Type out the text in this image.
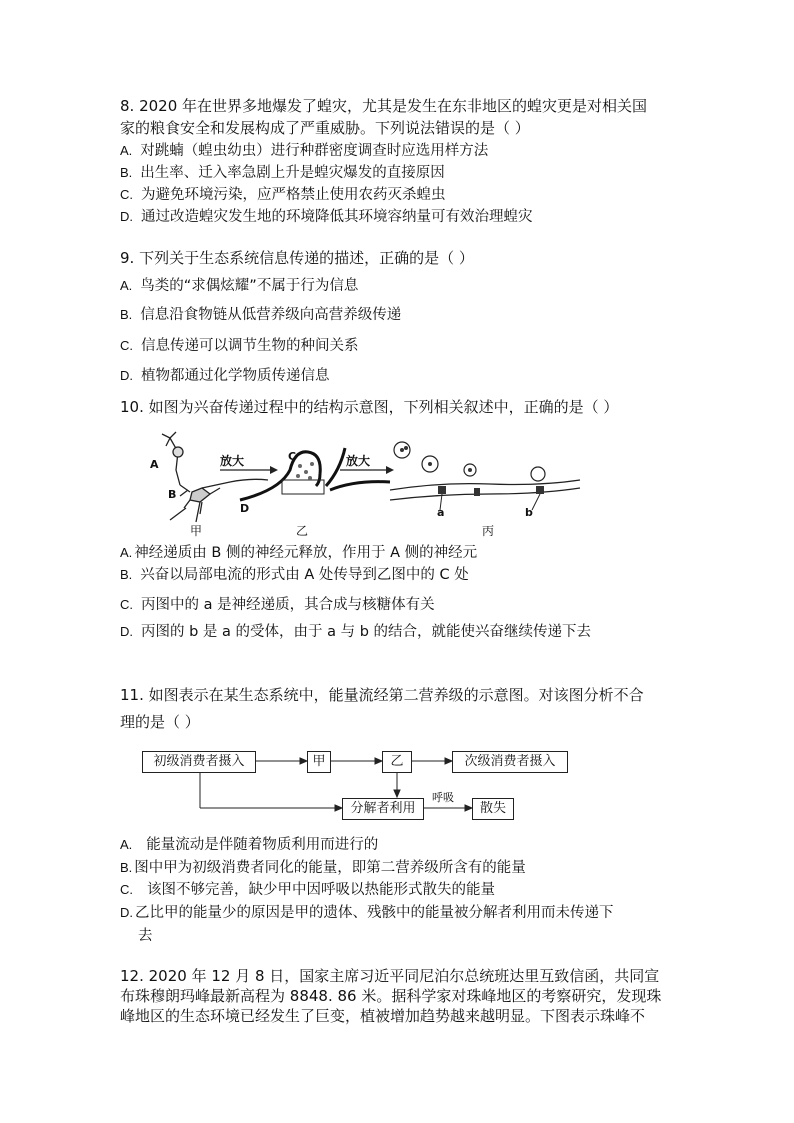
8. 2020 年在世界多地爆发了蝗灾，尤其是发生在东非地区的蝗灾更是对相关国
家的粮食安全和发展构成了严重威胁。下列说法错误的是（ ）
A. 对跳蝻（蝗虫幼虫）进行种群密度调查时应选用样方法
B. 出生率、迁入率急剧上升是蝗灾爆发的直接原因
C. 为避免环境污染，应严格禁止使用农药灭杀蝗虫
D. 通过改造蝗灾发生地的环境降低其环境容纳量可有效治理蝗灾
9. 下列关于生态系统信息传递的描述，正确的是（ ）
A. 鸟类的“求偶炫耀”不属于行为信息
B. 信息沿食物链从低营养级向高营养级传递
C. 信息传递可以调节生物的种间关系
D. 植物都通过化学物质传递信息
10. 如图为兴奋传递过程中的结构示意图，下列相关叙述中，正确的是（ ）
A
B
C
D	a	b
放大	放大
甲	乙	丙
A. 神经递质由 B 侧的神经元释放，作用于 A 侧的神经元
B. 兴奋以局部电流的形式由 A 处传导到乙图中的 C 处
C. 丙图中的 a 是神经递质，其合成与核糖体有关
D. 丙图的 b 是 a 的受体，由于 a 与 b 的结合，就能使兴奋继续传递下去
11. 如图表示在某生态系统中，能量流经第二营养级的示意图。对该图分析不合
理的是（ ）
初级消费者摄入	甲	乙	次级消费者摄入
分解者利用	散失
呼吸
A. 能量流动是伴随着物质利用而进行的
B. 图中甲为初级消费者同化的能量，即第二营养级所含有的能量
C. 该图不够完善，缺少甲中因呼吸以热能形式散失的能量
D. 乙比甲的能量少的原因是甲的遗体、残骸中的能量被分解者利用而未传递下
去
12. 2020 年 12 月 8 日，国家主席习近平同尼泊尔总统班达里互致信函，共同宣
布珠穆朗玛峰最新高程为 8848. 86 米。据科学家对珠峰地区的考察研究，发现珠
峰地区的生态环境已经发生了巨变，植被增加趋势越来越明显。下图表示珠峰不
